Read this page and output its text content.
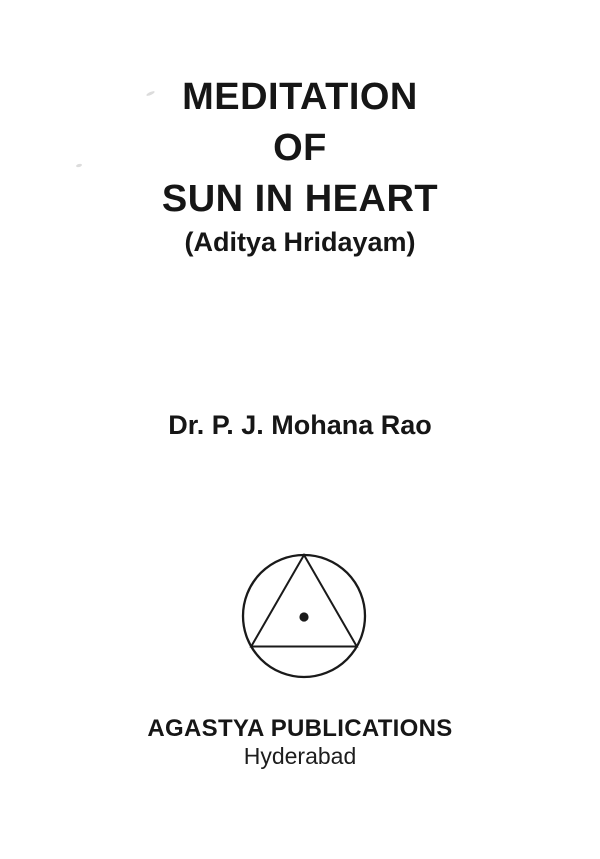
MEDITATION
OF
SUN IN HEART
(Aditya Hridayam)
Dr. P. J. Mohana Rao
AGASTYA PUBLICATIONS
Hyderabad
